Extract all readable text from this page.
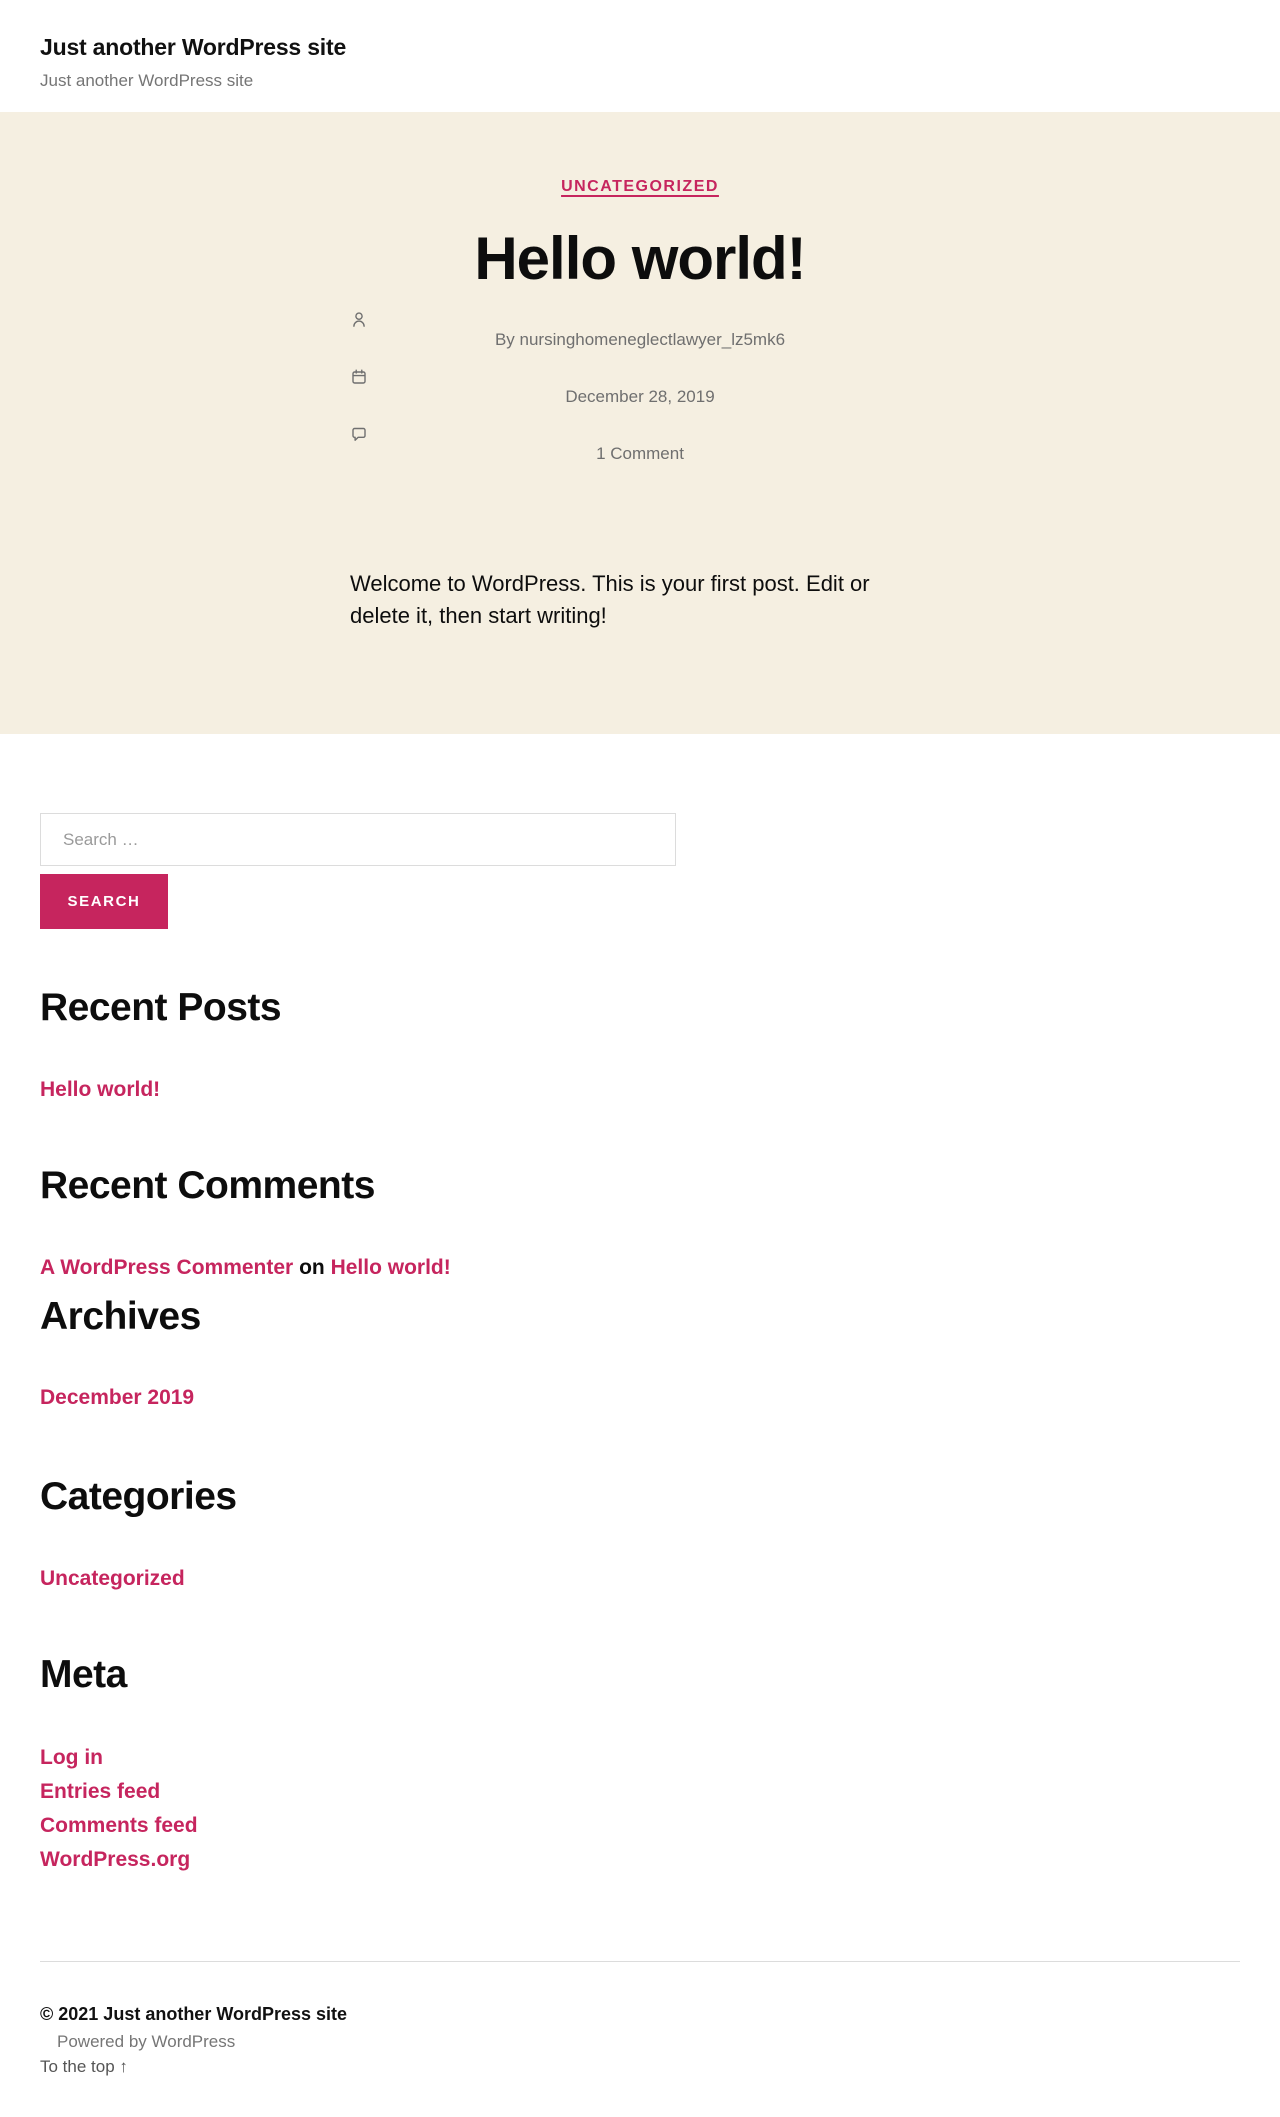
Just another WordPress site
Just another WordPress site
UNCATEGORIZED
Hello world!
By nursinghomeneglectlawyer_lz5mk6
December 28, 2019
1 Comment

Welcome to WordPress. This is your first post. Edit or delete it, then start writing!

Search …
SEARCH
Recent Posts
Hello world!
Recent Comments
A WordPress Commenter on Hello world!
Archives
December 2019
Categories
Uncategorized
Meta
Log in
Entries feed
Comments feed
WordPress.org
© 2021 Just another WordPress site
Powered by WordPress
To the top ↑
